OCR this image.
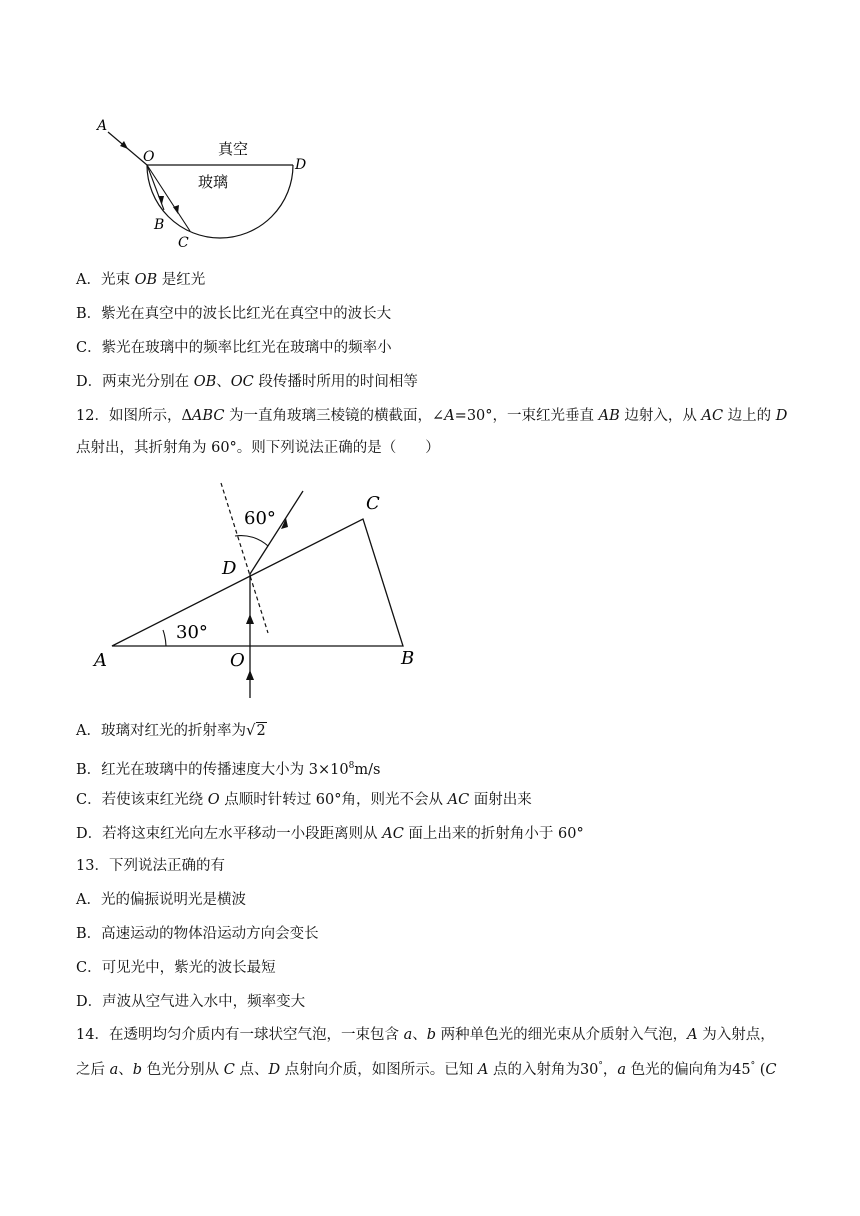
A
O	D
B
C
真空
玻璃
A．光束 OB 是红光
B．紫光在真空中的波长比红光在真空中的波长大
C．紫光在玻璃中的频率比红光在玻璃中的频率小
D．两束光分别在 OB、OC 段传播时所用的时间相等
12．如图所示，ΔABC 为一直角玻璃三棱镜的横截面，∠A=30°，一束红光垂直 AB 边射入，从 AC 边上的 D
点射出，其折射角为 60°。则下列说法正确的是（　　）
A	O	B
C
D
60°
30°
A．玻璃对红光的折射率为√2
B．红光在玻璃中的传播速度大小为 $3\times 10^8m/s$
C．若使该束红光绕 O 点顺时针转过 60°角，则光不会从 AC 面射出来
D．若将这束红光向左水平移动一小段距离则从 AC 面上出来的折射角小于 60°
13．下列说法正确的有
A．光的偏振说明光是横波
B．高速运动的物体沿运动方向会变长
C．可见光中，紫光的波长最短
D．声波从空气进入水中，频率变大
14．在透明均匀介质内有一球状空气泡，一束包含 a、b 两种单色光的细光束从介质射入气泡，A 为入射点，之后 a、b 色光分别从 C 点、D 点射向介质，如图所示。已知 A 点的入射角为30°，a 色光的偏向角为45° (C
